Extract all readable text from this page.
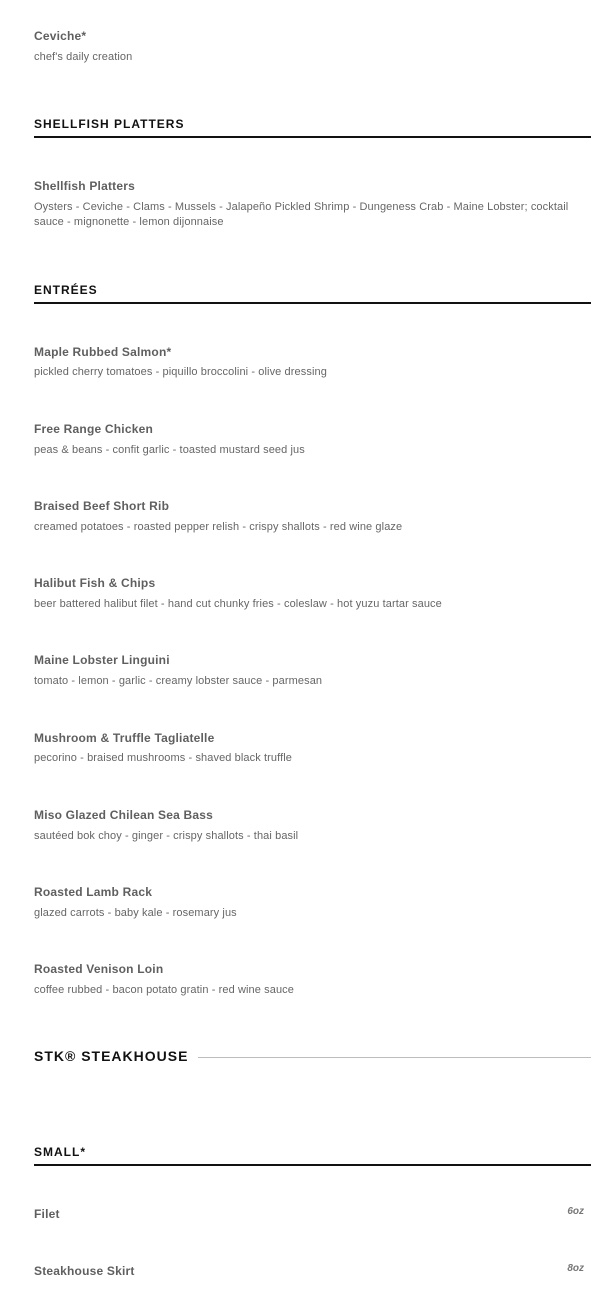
Ceviche*
chef's daily creation
SHELLFISH PLATTERS
Shellfish Platters
Oysters - Ceviche - Clams - Mussels - Jalapeño Pickled Shrimp - Dungeness Crab - Maine Lobster; cocktail
sauce - mignonette - lemon dijonnaise
ENTRÉES
Maple Rubbed Salmon*
pickled cherry tomatoes - piquillo broccolini - olive dressing
Free Range Chicken
peas & beans - confit garlic - toasted mustard seed jus
Braised Beef Short Rib
creamed potatoes - roasted pepper relish - crispy shallots - red wine glaze
Halibut Fish & Chips
beer battered halibut filet - hand cut chunky fries - coleslaw - hot yuzu tartar sauce
Maine Lobster Linguini
tomato - lemon - garlic - creamy lobster sauce - parmesan
Mushroom & Truffle Tagliatelle
pecorino - braised mushrooms - shaved black truffle
Miso Glazed Chilean Sea Bass
sautéed bok choy - ginger - crispy shallots - thai basil
Roasted Lamb Rack
glazed carrots - baby kale - rosemary jus
Roasted Venison Loin
coffee rubbed - bacon potato gratin - red wine sauce
STK® STEAKHOUSE
SMALL*
Filet	6oz
Steakhouse Skirt	8oz
